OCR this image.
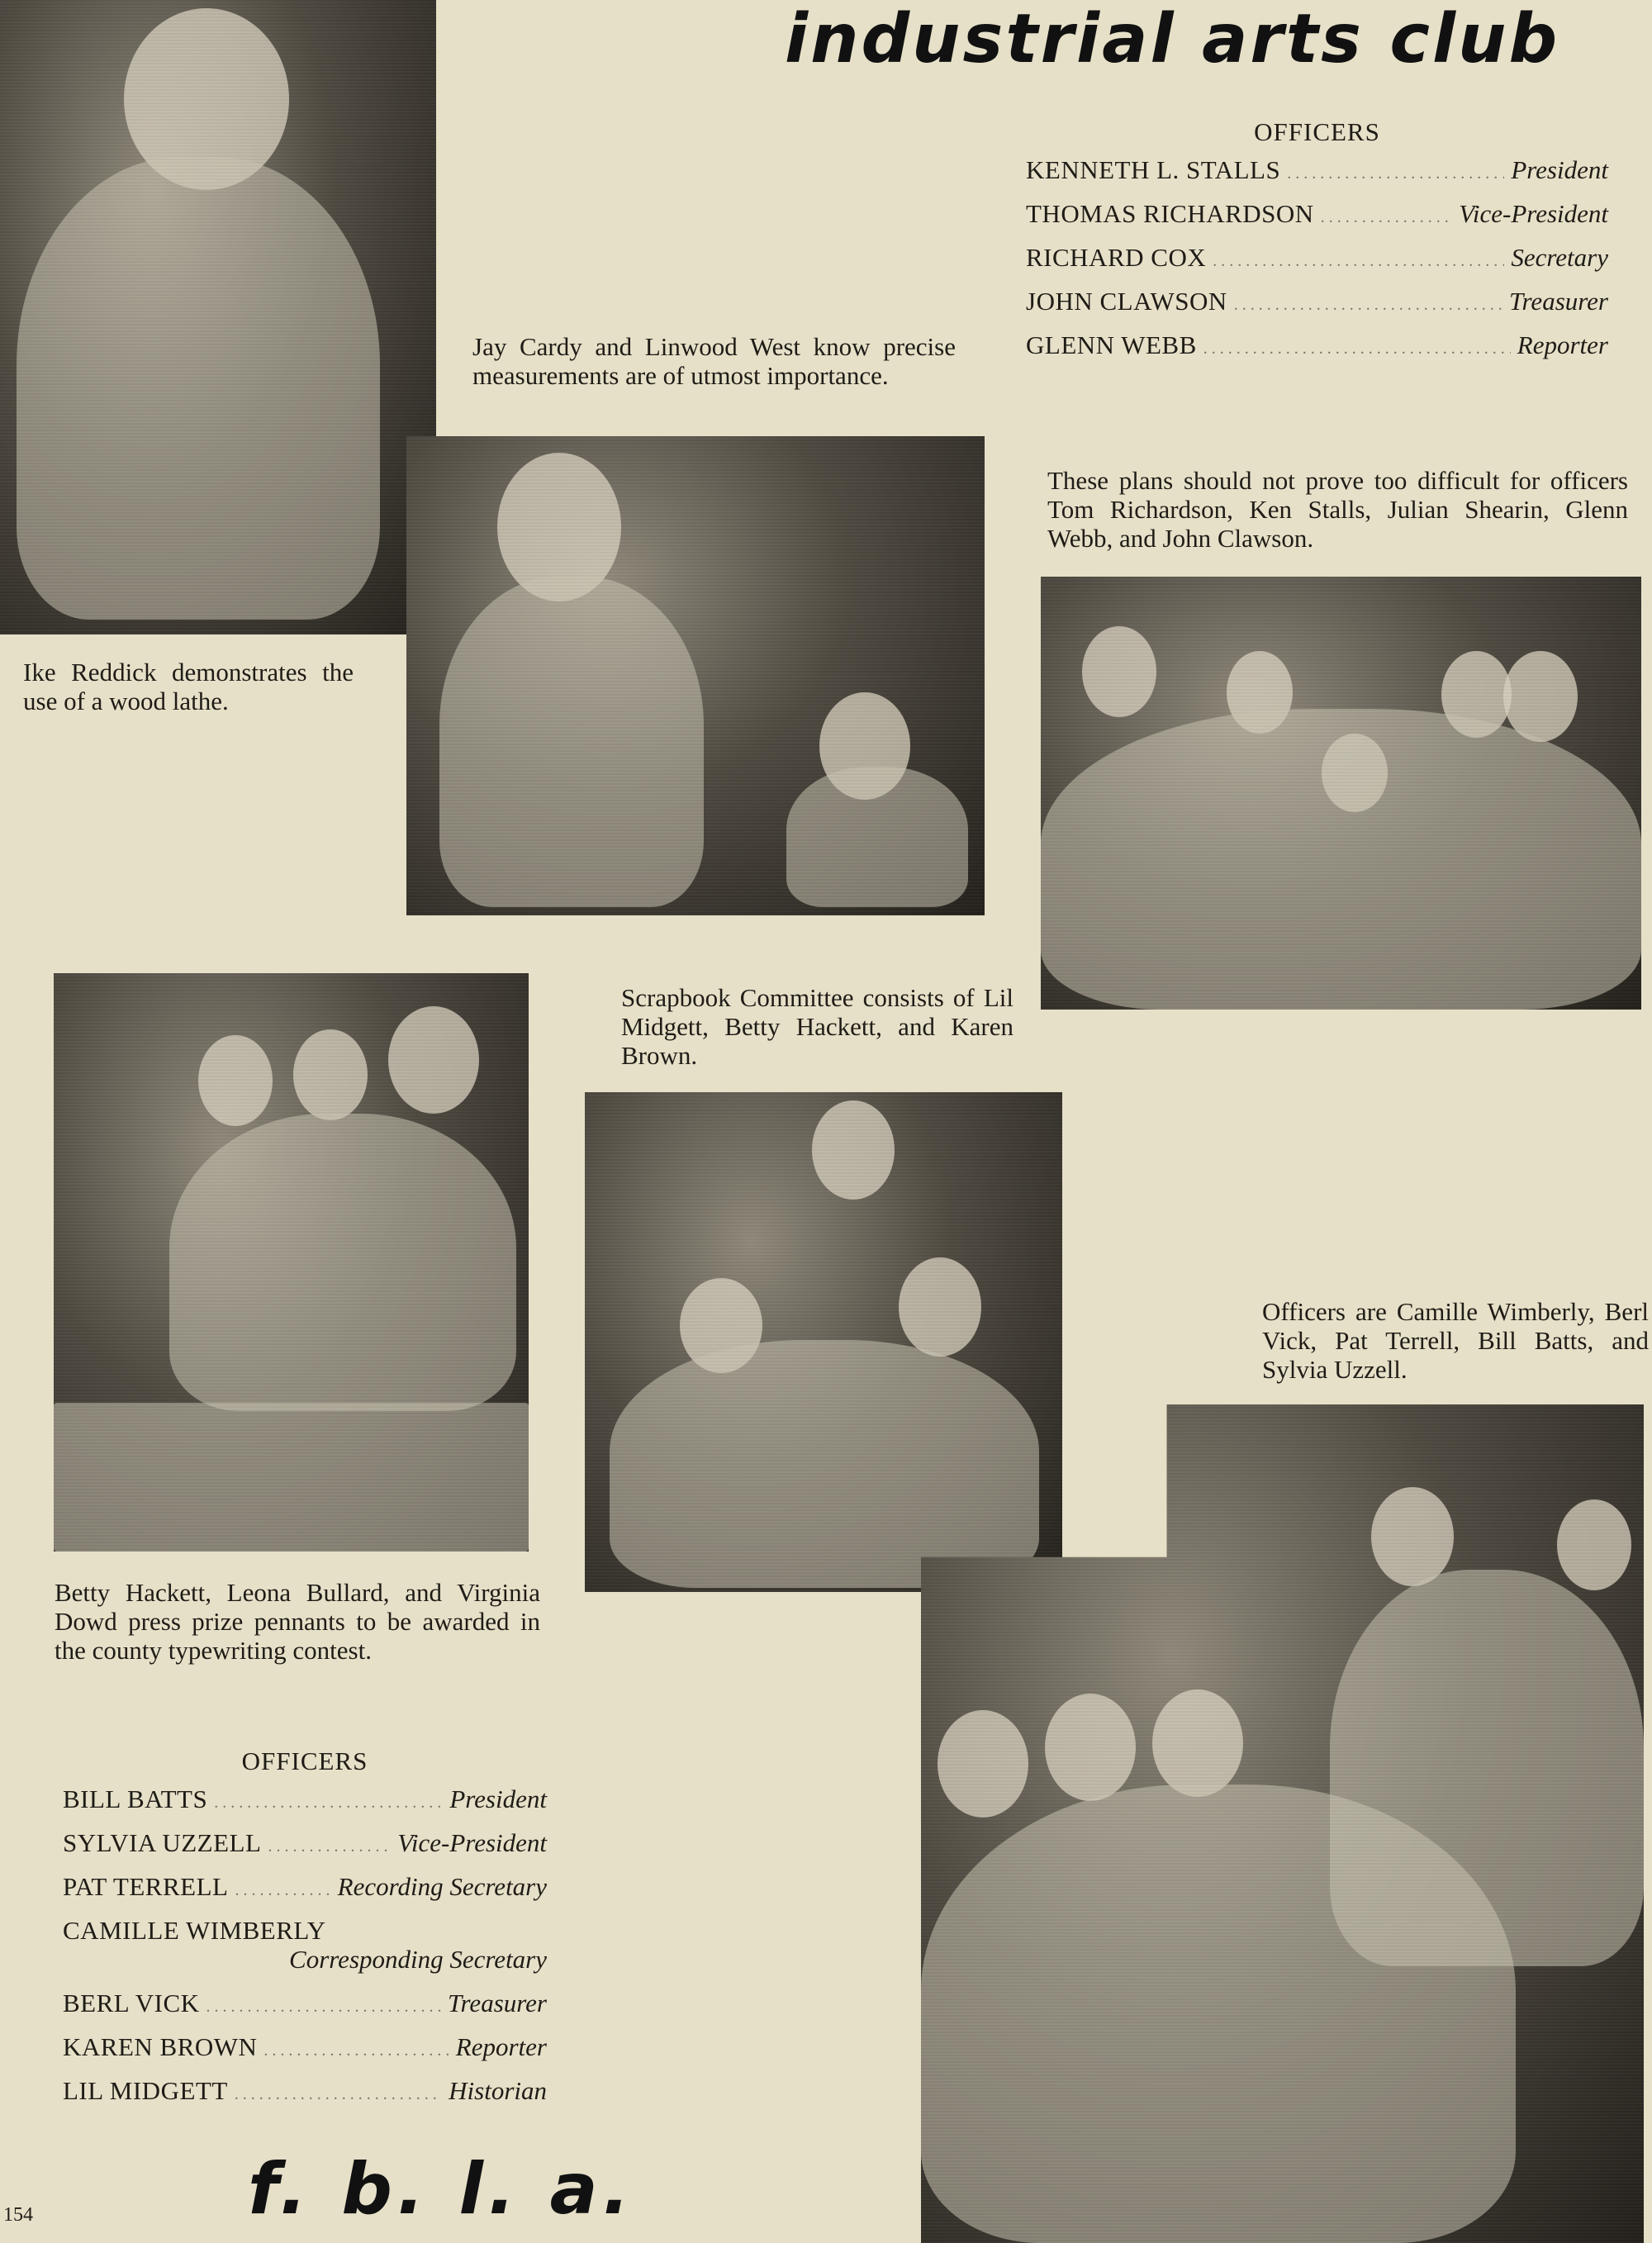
industrial arts club
Ike Reddick demonstrates the use of a wood lathe.
Jay Cardy and Linwood West know precise measurements are of utmost importance.
OFFICERS
KENNETH L. STALLS . . .	President
THOMAS RICHARDSON . . .	Vice-President
RICHARD COX . . .	Secretary
JOHN CLAWSON . . .	Treasurer
GLENN WEBB . . .	Reporter
These plans should not prove too difficult for officers Tom Richardson, Ken Stalls, Julian Shearin, Glenn Webb, and John Clawson.
Betty Hackett, Leona Bullard, and Virginia Dowd press prize pennants to be awarded in the county typewriting contest.
Scrapbook Committee consists of Lil Midgett, Betty Hackett, and Karen Brown.
OFFICERS
BILL BATTS . . .	President
SYLVIA UZZELL . . .	Vice-President
PAT TERRELL . . .	Recording Secretary
CAMILLE WIMBERLY
Corresponding Secretary
BERL VICK . . .	Treasurer
KAREN BROWN . . .	Reporter
LIL MIDGETT . . .	Historian
f. b. l. a.
154
Officers are Camille Wimberly, Berl Vick, Pat Terrell, Bill Batts, and Sylvia Uzzell.
